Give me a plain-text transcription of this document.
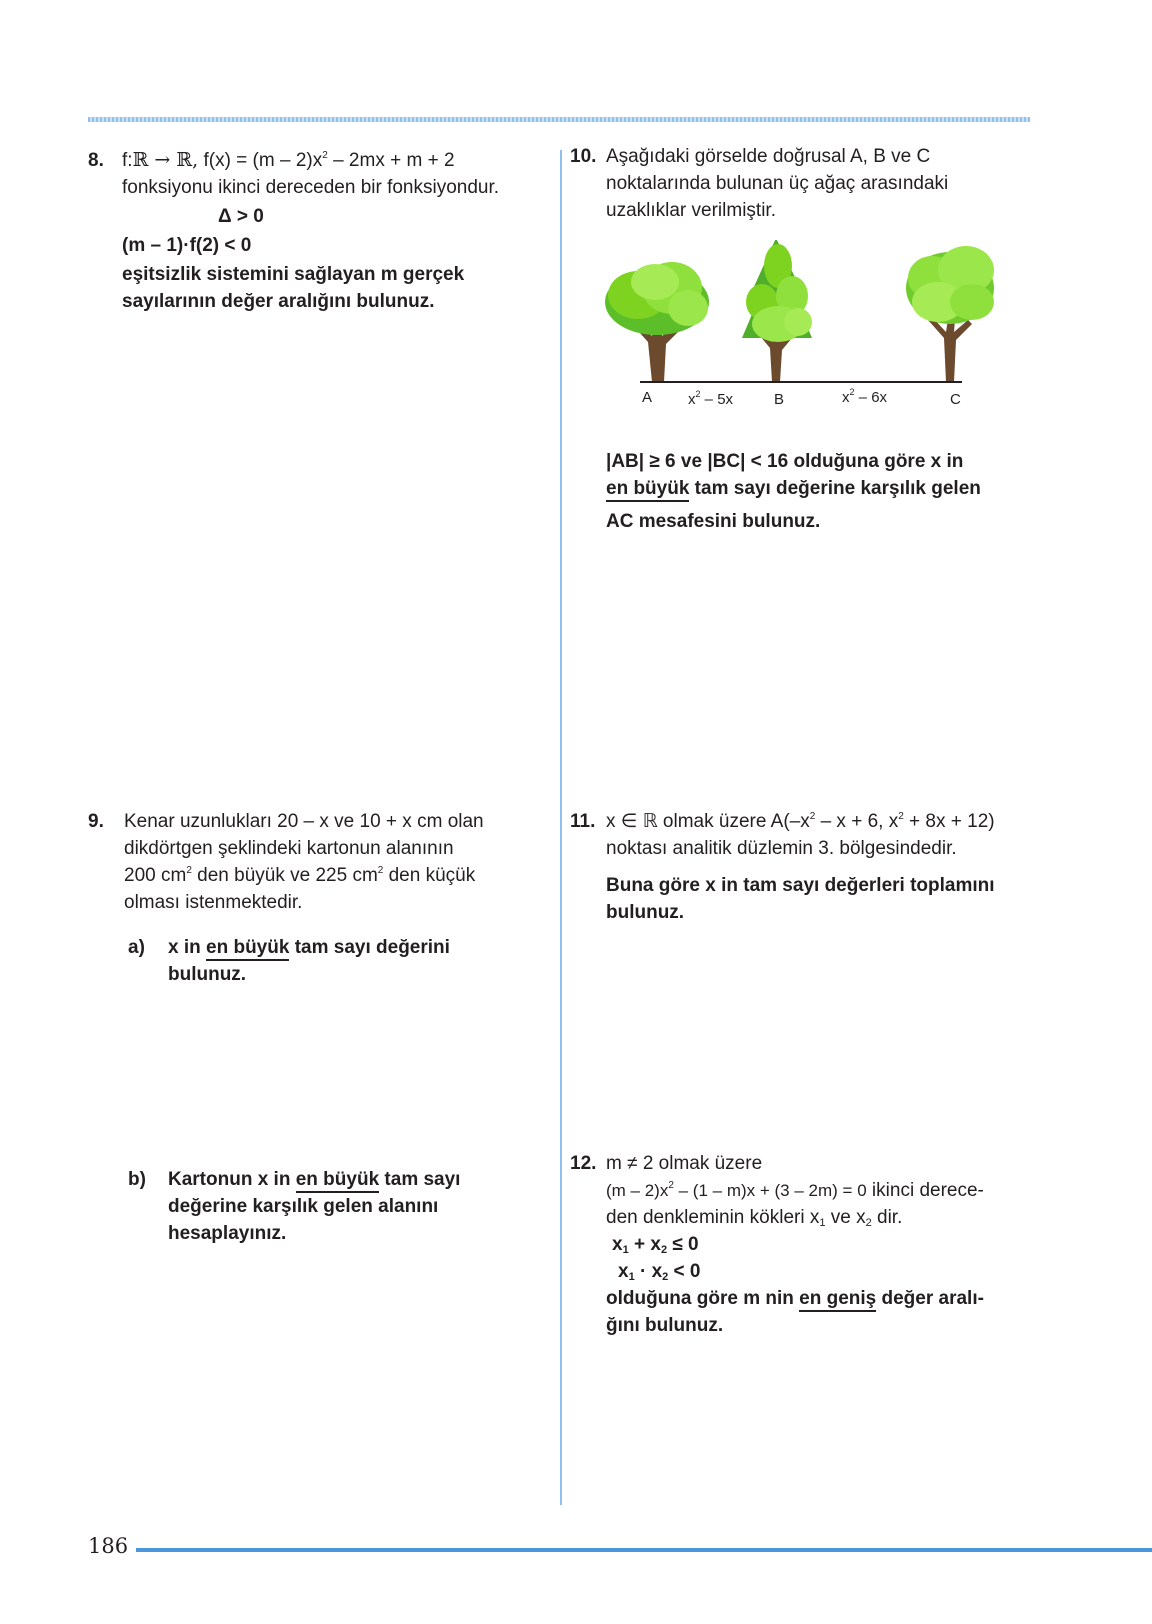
8. f:ℝ → ℝ, $f(x) = (m - 2)x^2 - 2mx + m + 2$
fonksiyonu ikinci dereceden bir fonksiyondur.
Δ > 0
(m – 1)·f(2) < 0
eşitsizlik sistemini sağlayan m gerçek
sayılarının değer aralığını bulunuz.
10. Aşağıdaki görselde doğrusal A, B ve C
noktalarında bulunan üç ağaç arasındaki
uzaklıklar verilmiştir.
A	B	C
$x^2 - 5x$	$x^2 - 6x$
|AB| ≥ 6 ve |BC| < 16 olduğuna göre x in
en büyük tam sayı değerine karşılık gelen
AC mesafesini bulunuz.
9. Kenar uzunlukları 20 – x ve 10 + x cm olan
dikdörtgen şeklindeki kartonun alanının
200 $cm^2$ den büyük ve 225 $cm^2$ den küçük
olması istenmektedir.
a) x in en büyük tam sayı değerini
bulunuz.
b) Kartonun x in en büyük tam sayı
değerine karşılık gelen alanını
hesaplayınız.
11. x ∈ ℝ olmak üzere $A(-x^2 - x + 6$, $x^2 + 8x + 12$)
noktası analitik düzlemin 3. bölgesindedir.
Buna göre x in tam sayı değerleri toplamını
bulunuz.
12. m ≠ 2 olmak üzere
$(m - 2)x^2 - (1 - m)x + (3 - 2m) = 0$ ikinci derece-
den denkleminin kökleri $x_1$ ve $x_2$ dir.
$x_1 + x_2 \le 0$
$x_1 \cdot x_2 < 0$
olduğuna göre m nin en geniş değer aralı-
ğını bulunuz.
186
